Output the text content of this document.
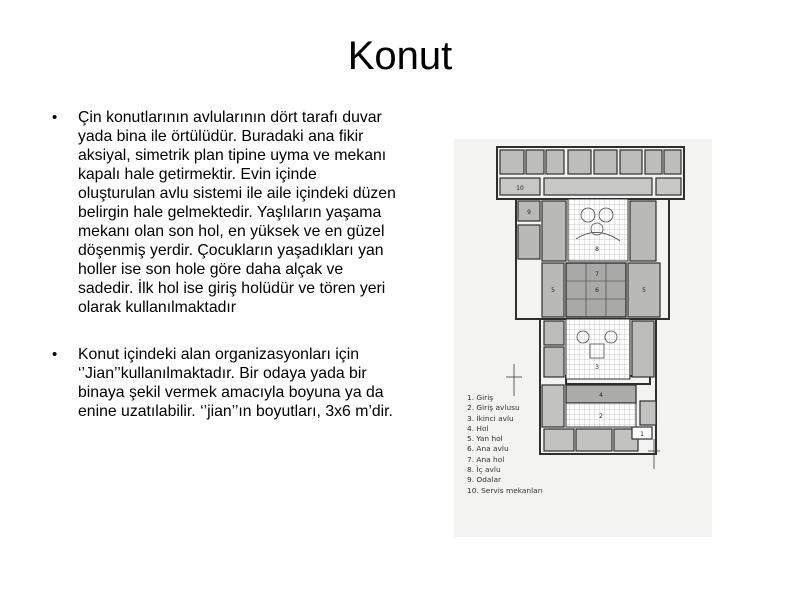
Konut
• Çin konutlarının avlularının dört tarafı duvar yada bina ile örtülüdür. Buradaki ana fikir aksiyal, simetrik plan tipine uyma ve mekanı kapalı hale getirmektir. Evin içinde oluşturulan avlu sistemi ile aile içindeki düzen belirgin hale gelmektedir. Yaşlıların yaşama mekanı olan son hol, en yüksek ve en güzel döşenmiş yerdir. Çocukların yaşadıkları yan holler ise son hole göre daha alçak ve sadedir. İlk hol ise giriş holüdür ve tören yeri olarak kullanılmaktadır
• Konut içindeki alan organizasyonları için ‘’Jian’’kullanılmaktadır. Bir odaya yada bir binaya şekil vermek amacıyla boyuna ya da enine uzatılabilir. ‘’jian’’ın boyutları, 3x6 m’dir.
10
8
9
6
7
5	5
4
3
2
1
1. Giriş
2. Giriş avlusu
3. İkinci avlu
4. Hol
5. Yan hol
6. Ana avlu
7. Ana hol
8. İç avlu
9. Odalar
10. Servis mekanları
